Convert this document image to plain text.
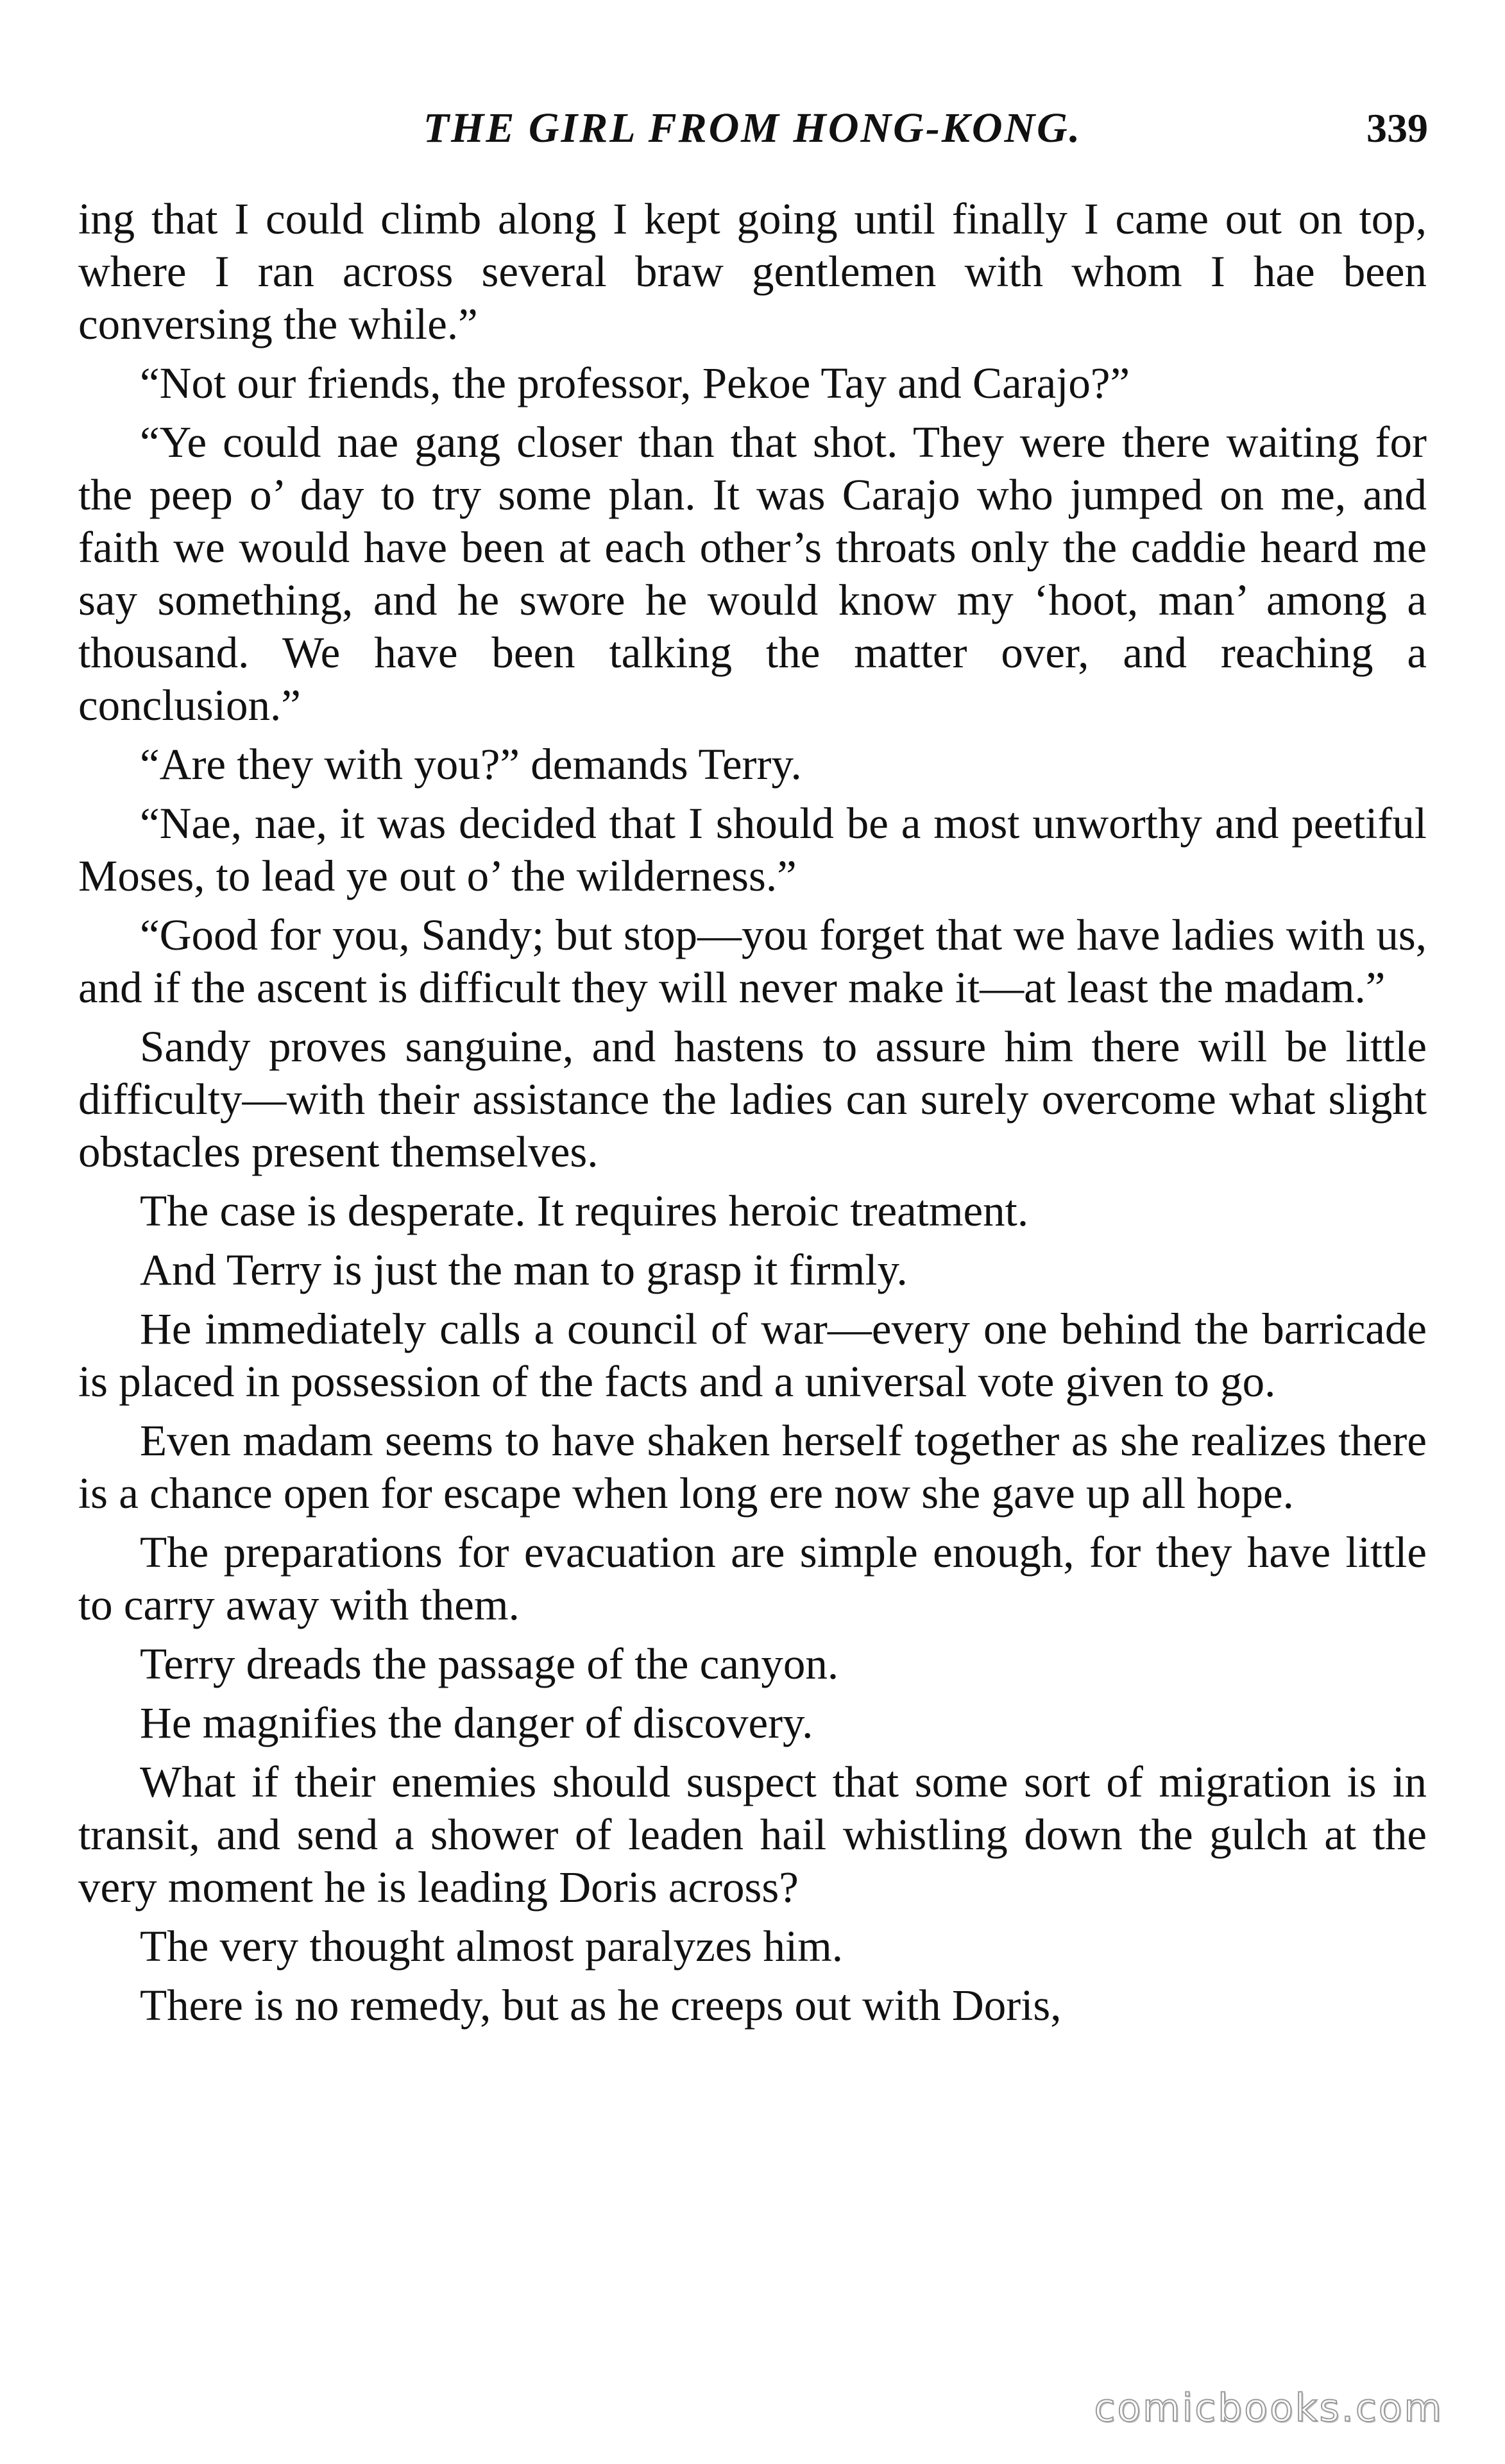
THE GIRL FROM HONG-KONG.	339

ing that I could climb along I kept going until finally I came out on top, where I ran across several braw gentlemen with whom I hae been conversing the while.”

“Not our friends, the professor, Pekoe Tay and Carajo?”

“Ye could nae gang closer than that shot. They were there waiting for the peep o’ day to try some plan. It was Carajo who jumped on me, and faith we would have been at each other’s throats only the caddie heard me say something, and he swore he would know my ‘hoot, man’ among a thousand. We have been talking the matter over, and reaching a conclusion.”

“Are they with you?” demands Terry.

“Nae, nae, it was decided that I should be a most unworthy and peetiful Moses, to lead ye out o’ the wilderness.”

“Good for you, Sandy; but stop—you forget that we have ladies with us, and if the ascent is difficult they will never make it—at least the madam.”

Sandy proves sanguine, and hastens to assure him there will be little difficulty—with their assistance the ladies can surely overcome what slight obstacles present themselves.

The case is desperate. It requires heroic treatment.

And Terry is just the man to grasp it firmly.

He immediately calls a council of war—every one behind the barricade is placed in possession of the facts and a universal vote given to go.

Even madam seems to have shaken herself together as she realizes there is a chance open for escape when long ere now she gave up all hope.

The preparations for evacuation are simple enough, for they have little to carry away with them.

Terry dreads the passage of the canyon.

He magnifies the danger of discovery.

What if their enemies should suspect that some sort of migration is in transit, and send a shower of leaden hail whistling down the gulch at the very moment he is leading Doris across?

The very thought almost paralyzes him.

There is no remedy, but as he creeps out with Doris,

comicbooks.com
